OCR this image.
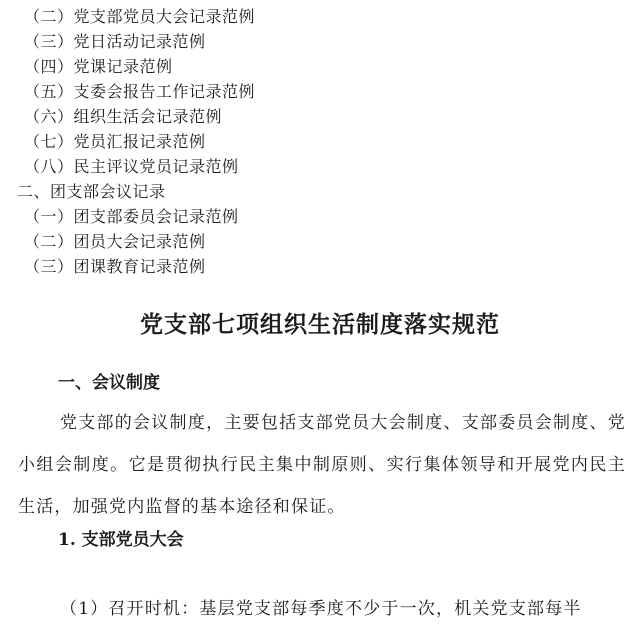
（二）党支部党员大会记录范例
（三）党日活动记录范例
（四）党课记录范例
（五）支委会报告工作记录范例
（六）组织生活会记录范例
（七）党员汇报记录范例
（八）民主评议党员记录范例
二、团支部会议记录
（一）团支部委员会记录范例
（二）团员大会记录范例
（三）团课教育记录范例
党支部七项组织生活制度落实规范
一、会议制度
党支部的会议制度，主要包括支部党员大会制度、支部委员会制度、党小组会制度。它是贯彻执行民主集中制原则、实行集体领导和开展党内民主生活，加强党内监督的基本途径和保证。
1. 支部党员大会
（1）召开时机：基层党支部每季度不少于一次，机关党支部每半
